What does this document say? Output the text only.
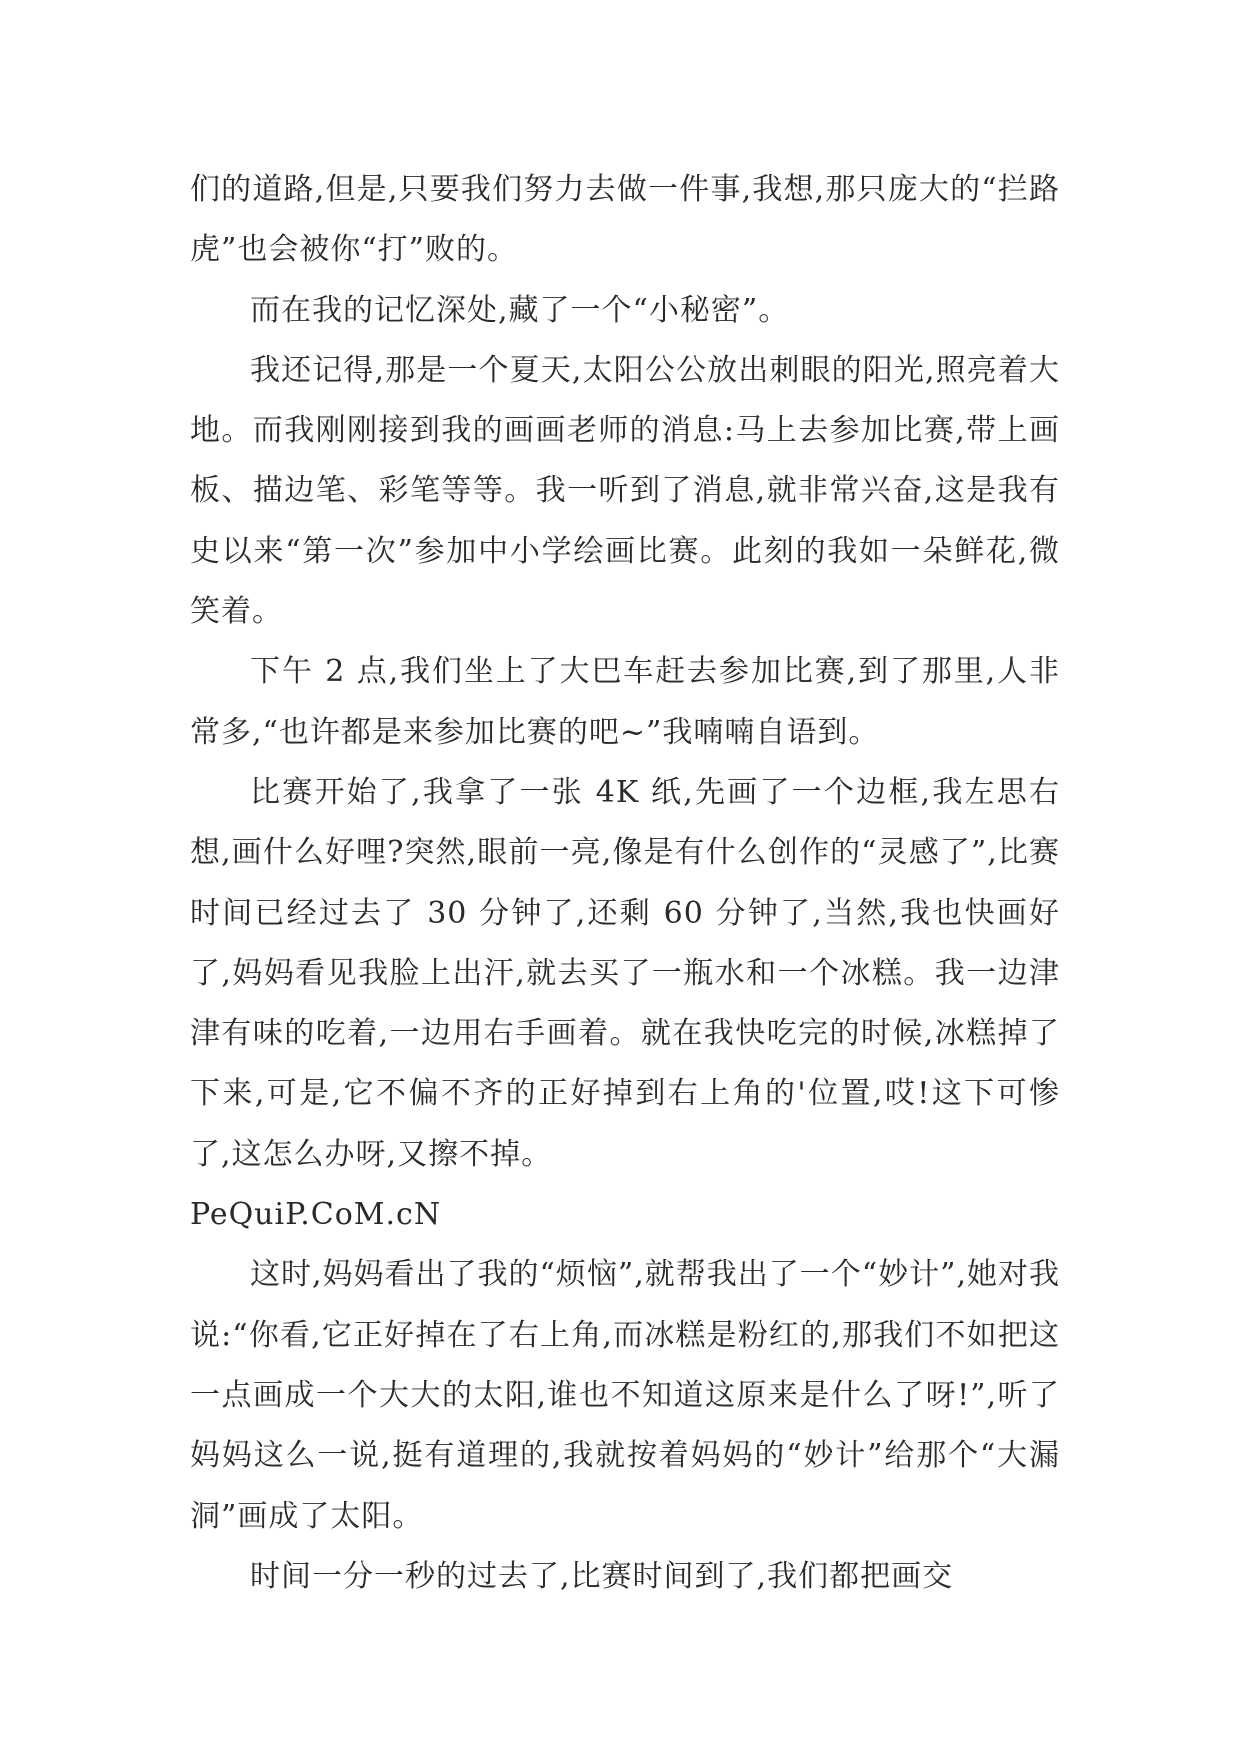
们的道路,但是,只要我们努力去做一件事,我想,那只庞大的“拦路虎”也会被你“打”败的。

而在我的记忆深处,藏了一个“小秘密”。

我还记得,那是一个夏天,太阳公公放出刺眼的阳光,照亮着大地。而我刚刚接到我的画画老师的消息:马上去参加比赛,带上画板、描边笔、彩笔等等。我一听到了消息,就非常兴奋,这是我有史以来“第一次”参加中小学绘画比赛。此刻的我如一朵鲜花,微笑着。

下午 2 点,我们坐上了大巴车赶去参加比赛,到了那里,人非常多,“也许都是来参加比赛的吧~”我喃喃自语到。

比赛开始了,我拿了一张 4K 纸,先画了一个边框,我左思右想,画什么好哩?突然,眼前一亮,像是有什么创作的“灵感了”,比赛时间已经过去了 30 分钟了,还剩 60 分钟了,当然,我也快画好了,妈妈看见我脸上出汗,就去买了一瓶水和一个冰糕。我一边津津有味的吃着,一边用右手画着。就在我快吃完的时候,冰糕掉了下来,可是,它不偏不齐的正好掉到右上角的'位置,哎!这下可惨了,这怎么办呀,又擦不掉。

PeQuiP.CoM.cN

这时,妈妈看出了我的“烦恼”,就帮我出了一个“妙计”,她对我说:“你看,它正好掉在了右上角,而冰糕是粉红的,那我们不如把这一点画成一个大大的太阳,谁也不知道这原来是什么了呀!”,听了妈妈这么一说,挺有道理的,我就按着妈妈的“妙计”给那个“大漏洞”画成了太阳。

时间一分一秒的过去了,比赛时间到了,我们都把画交
